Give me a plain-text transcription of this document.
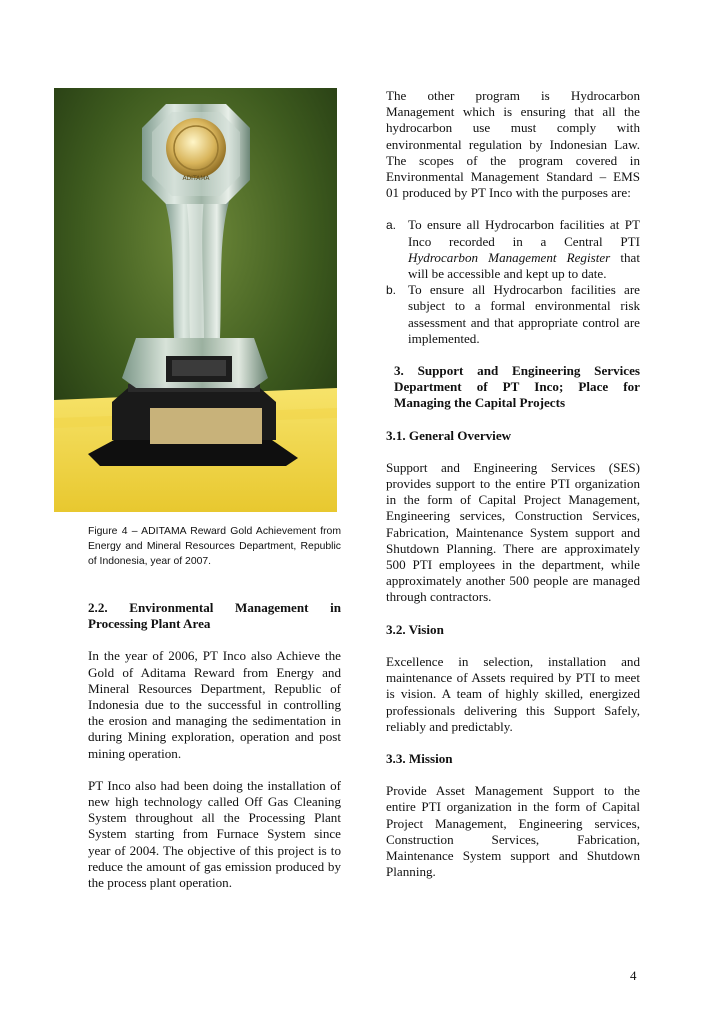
ADITAMA
Figure 4 – ADITAMA Reward Gold Achievement from Energy and Mineral Resources Department, Republic of Indonesia, year of 2007.

2.2. Environmental Management in Processing Plant Area

In the year of 2006, PT Inco also Achieve the Gold of Aditama Reward from Energy and Mineral Resources Department, Republic of Indonesia due to the successful in controlling the erosion and managing the sedimentation in during Mining exploration, operation and post mining operation.

PT Inco also had been doing the installation of new high technology called Off Gas Cleaning System throughout all the Processing Plant System starting from Furnace System since year of 2004. The objective of this project is to reduce the amount of gas emission produced by the process plant operation.

The other program is Hydrocarbon Management which is ensuring that all the hydrocarbon use must comply with environmental regulation by Indonesian Law. The scopes of the program covered in Environmental Management Standard – EMS 01 produced by PT Inco with the purposes are:

a. To ensure all Hydrocarbon facilities at PT Inco recorded in a Central PTI Hydrocarbon Management Register that will be accessible and kept up to date.
b. To ensure all Hydrocarbon facilities are subject to a formal environmental risk assessment and that appropriate control are implemented.

3. Support and Engineering Services Department of PT Inco; Place for Managing the Capital Projects

3.1. General Overview

Support and Engineering Services (SES) provides support to the entire PTI organization in the form of Capital Project Management, Engineering services, Construction Services, Fabrication, Maintenance System support and Shutdown Planning. There are approximately 500 PTI employees in the department, while approximately another 500 people are managed through contractors.

3.2. Vision

Excellence in selection, installation and maintenance of Assets required by PTI to meet is vision. A team of highly skilled, energized professionals delivering this Support Safely, reliably and predictably.

3.3. Mission

Provide Asset Management Support to the entire PTI organization in the form of Capital Project Management, Engineering services, Construction Services, Fabrication, Maintenance System support and Shutdown Planning.

4
